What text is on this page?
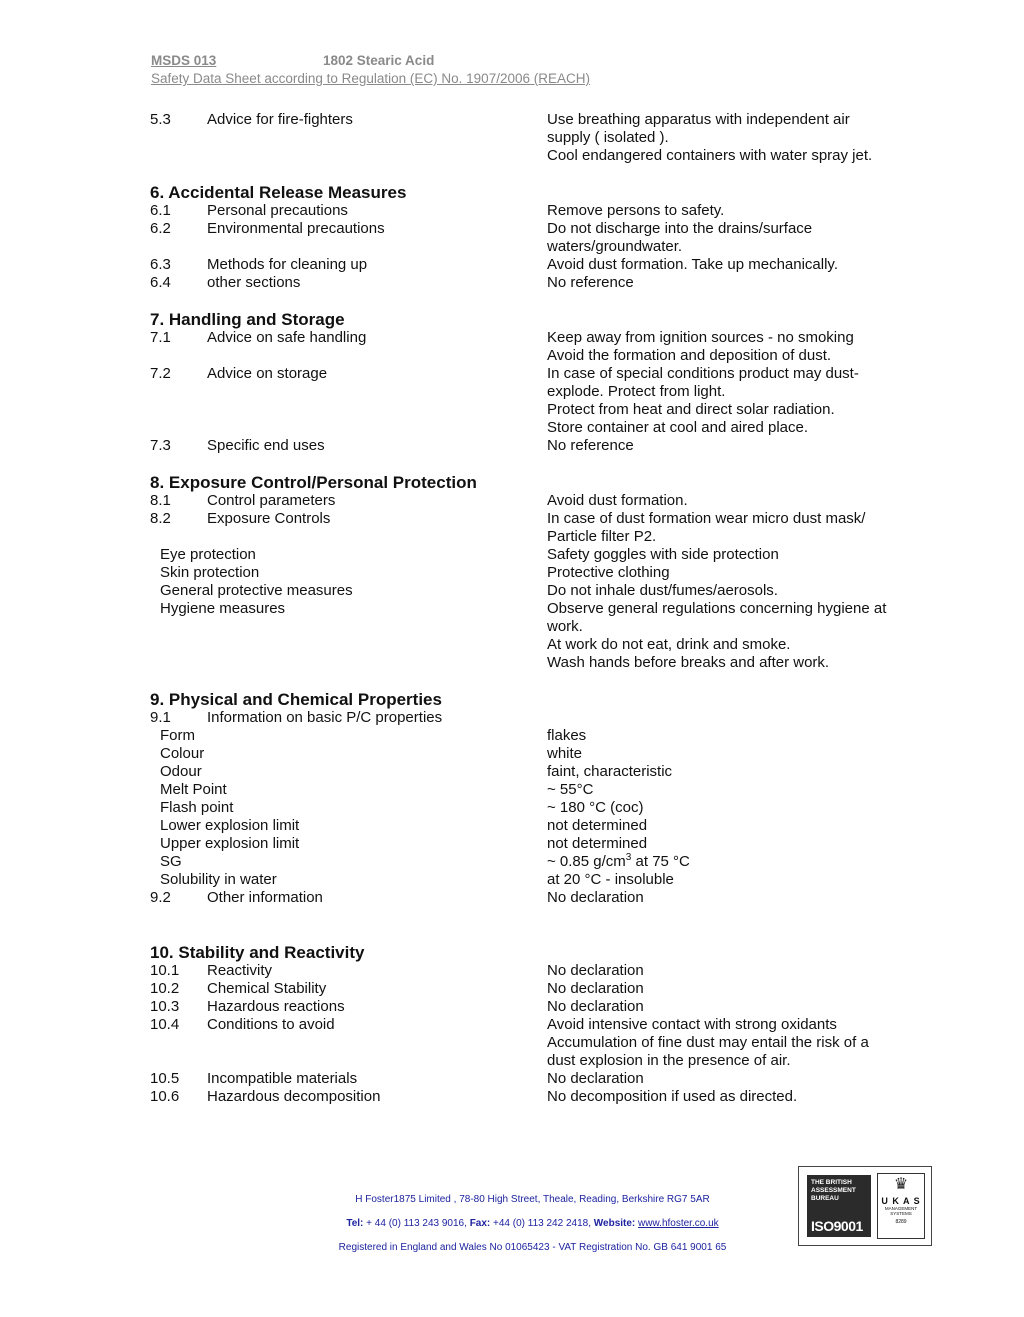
MSDS 013	1802 Stearic Acid
Safety Data Sheet according to Regulation (EC) No. 1907/2006 (REACH)
5.3	Advice for fire-fighters	Use breathing apparatus with independent air
supply ( isolated ).
Cool endangered containers with water spray jet.
6. Accidental Release Measures
6.1	Personal precautions	Remove persons to safety.
6.2	Environmental precautions	Do not discharge into the drains/surface
waters/groundwater.
6.3	Methods for cleaning up	Avoid dust formation. Take up mechanically.
6.4	other sections	No reference
7. Handling and Storage
7.1	Advice on safe handling	Keep away from ignition sources - no smoking
Avoid the formation and deposition of dust.
7.2	Advice on storage	In case of special conditions product may dust-
explode. Protect from light.
Protect from heat and direct solar radiation.
Store container at cool and aired place.
7.3	Specific end uses	No reference
8. Exposure Control/Personal Protection
8.1	Control parameters	Avoid dust formation.
8.2	Exposure Controls	In case of dust formation wear micro dust mask/
Particle filter P2.
Eye protection	Safety goggles with side protection
Skin protection	Protective clothing
General protective measures	Do not inhale dust/fumes/aerosols.
Hygiene measures	Observe general regulations concerning hygiene at
work.
At work do not eat, drink and smoke.
Wash hands before breaks and after work.
9. Physical and Chemical Properties
9.1	Information on basic P/C properties
Form	flakes
Colour	white
Odour	faint, characteristic
Melt Point	~ 55°C
Flash point	~ 180 °C (coc)
Lower explosion limit	not determined
Upper explosion limit	not determined
SG	~ 0.85 $g/cm^3$ at 75 °C
Solubility in water	at 20 °C - insoluble
9.2	Other information	No declaration
10. Stability and Reactivity
10.1	Reactivity	No declaration
10.2	Chemical Stability	No declaration
10.3	Hazardous reactions	No declaration
10.4	Conditions to avoid	Avoid intensive contact with strong oxidants
Accumulation of fine dust may entail the risk of a
dust explosion in the presence of air.
10.5	Incompatible materials	No declaration
10.6	Hazardous decomposition	No decomposition if used as directed.
H Foster1875 Limited , 78-80 High Street, Theale, Reading, Berkshire RG7 5AR
Tel: + 44 (0) 113 243 9016, Fax: +44 (0) 113 242 2418, Website: www.hfoster.co.uk
Registered in England and Wales No 01065423 - VAT Registration No. GB 641 9001 65
THE BRITISH
ASSESSMENT
BUREAU
ISO9001
♛
U K A S
MANAGEMENT
SYSTEMS
8289
